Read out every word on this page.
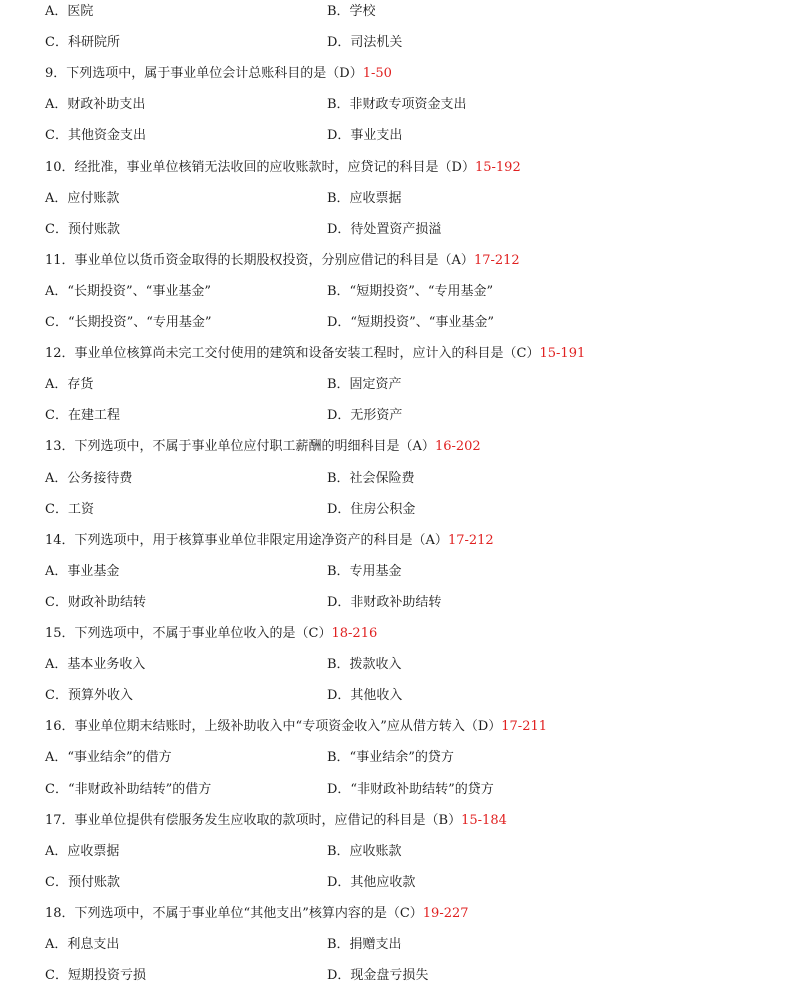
A．医院	B．学校
C．科研院所	D．司法机关
9．下列选项中，属于事业单位会计总账科目的是（D）1-50
A．财政补助支出	B．非财政专项资金支出
C．其他资金支出	D．事业支出
10．经批准，事业单位核销无法收回的应收账款时，应贷记的科目是（D）15-192
A．应付账款	B．应收票据
C．预付账款	D．待处置资产损溢
11．事业单位以货币资金取得的长期股权投资，分别应借记的科目是（A）17-212
A．“长期投资”、“事业基金”	B．“短期投资”、“专用基金”
C．“长期投资”、“专用基金”	D．“短期投资”、“事业基金”
12．事业单位核算尚未完工交付使用的建筑和设备安装工程时，应计入的科目是（C）15-191
A．存货	B．固定资产
C．在建工程	D．无形资产
13．下列选项中，不属于事业单位应付职工薪酬的明细科目是（A）16-202
A．公务接待费	B．社会保险费
C．工资	D．住房公积金
14．下列选项中，用于核算事业单位非限定用途净资产的科目是（A）17-212
A．事业基金	B．专用基金
C．财政补助结转	D．非财政补助结转
15．下列选项中，不属于事业单位收入的是（C）18-216
A．基本业务收入	B．拨款收入
C．预算外收入	D．其他收入
16．事业单位期末结账时，上级补助收入中“专项资金收入”应从借方转入（D）17-211
A．“事业结余”的借方	B．“事业结余”的贷方
C．“非财政补助结转”的借方	D．“非财政补助结转”的贷方
17．事业单位提供有偿服务发生应收取的款项时，应借记的科目是（B）15-184
A．应收票据	B．应收账款
C．预付账款	D．其他应收款
18．下列选项中，不属于事业单位“其他支出”核算内容的是（C）19-227
A．利息支出	B．捐赠支出
C．短期投资亏损	D．现金盘亏损失
